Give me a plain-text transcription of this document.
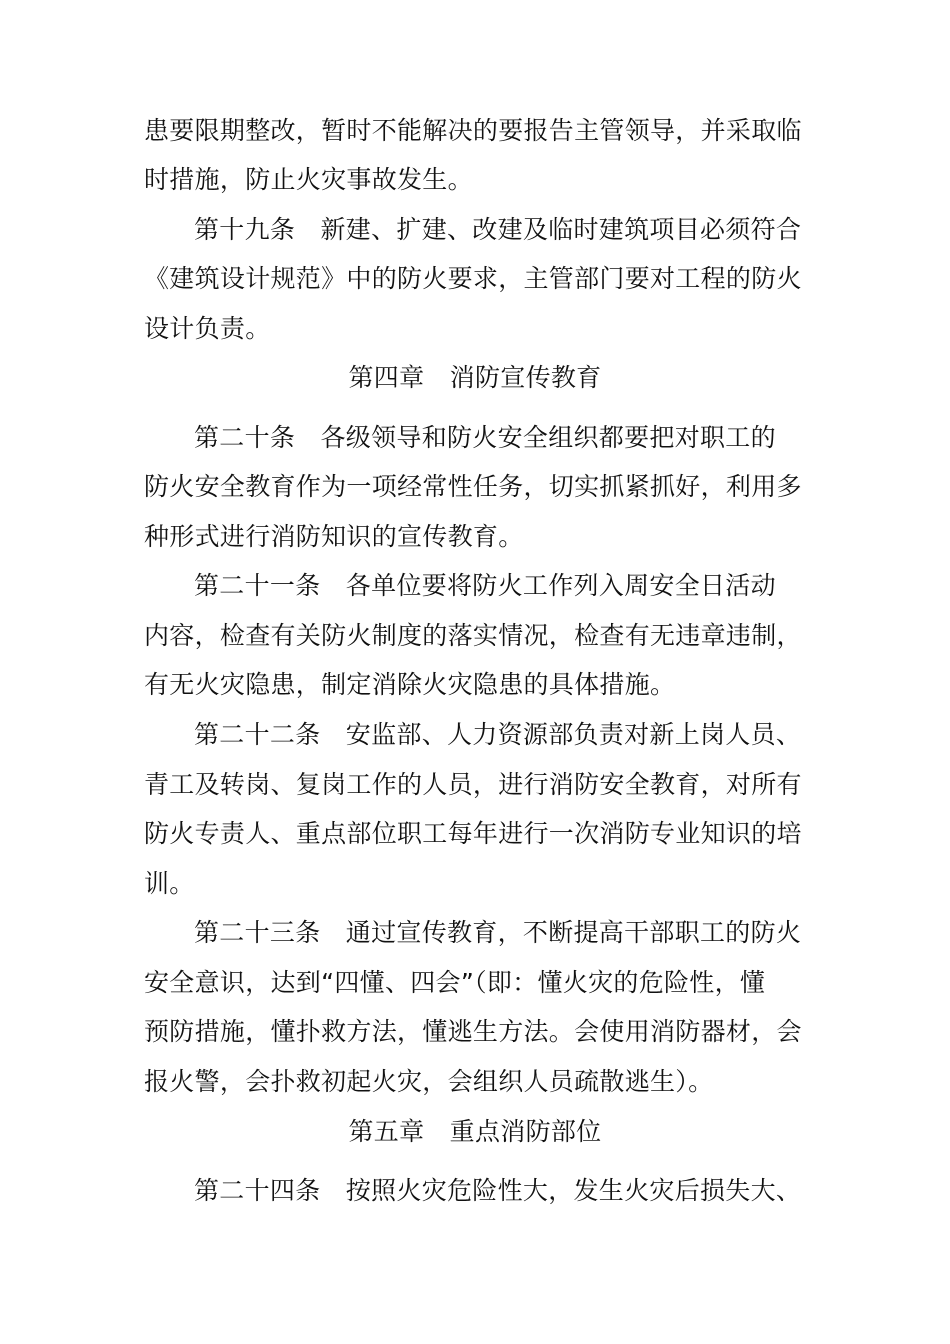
患要限期整改，暂时不能解决的要报告主管领导，并采取临
时措施，防止火灾事故发生。
第十九条　新建、扩建、改建及临时建筑项目必须符合
《建筑设计规范》中的防火要求，主管部门要对工程的防火
设计负责。
第四章　消防宣传教育
第二十条　各级领导和防火安全组织都要把对职工的
防火安全教育作为一项经常性任务，切实抓紧抓好，利用多
种形式进行消防知识的宣传教育。
第二十一条　各单位要将防火工作列入周安全日活动
内容，检查有关防火制度的落实情况，检查有无违章违制，
有无火灾隐患，制定消除火灾隐患的具体措施。
第二十二条　安监部、人力资源部负责对新上岗人员、
青工及转岗、复岗工作的人员，进行消防安全教育，对所有
防火专责人、重点部位职工每年进行一次消防专业知识的培
训。
第二十三条　通过宣传教育，不断提高干部职工的防火
安全意识，达到“四懂、四会”（即：懂火灾的危险性，懂
预防措施，懂扑救方法，懂逃生方法。会使用消防器材，会
报火警，会扑救初起火灾，会组织人员疏散逃生）。
第五章　重点消防部位
第二十四条　按照火灾危险性大，发生火灾后损失大、
